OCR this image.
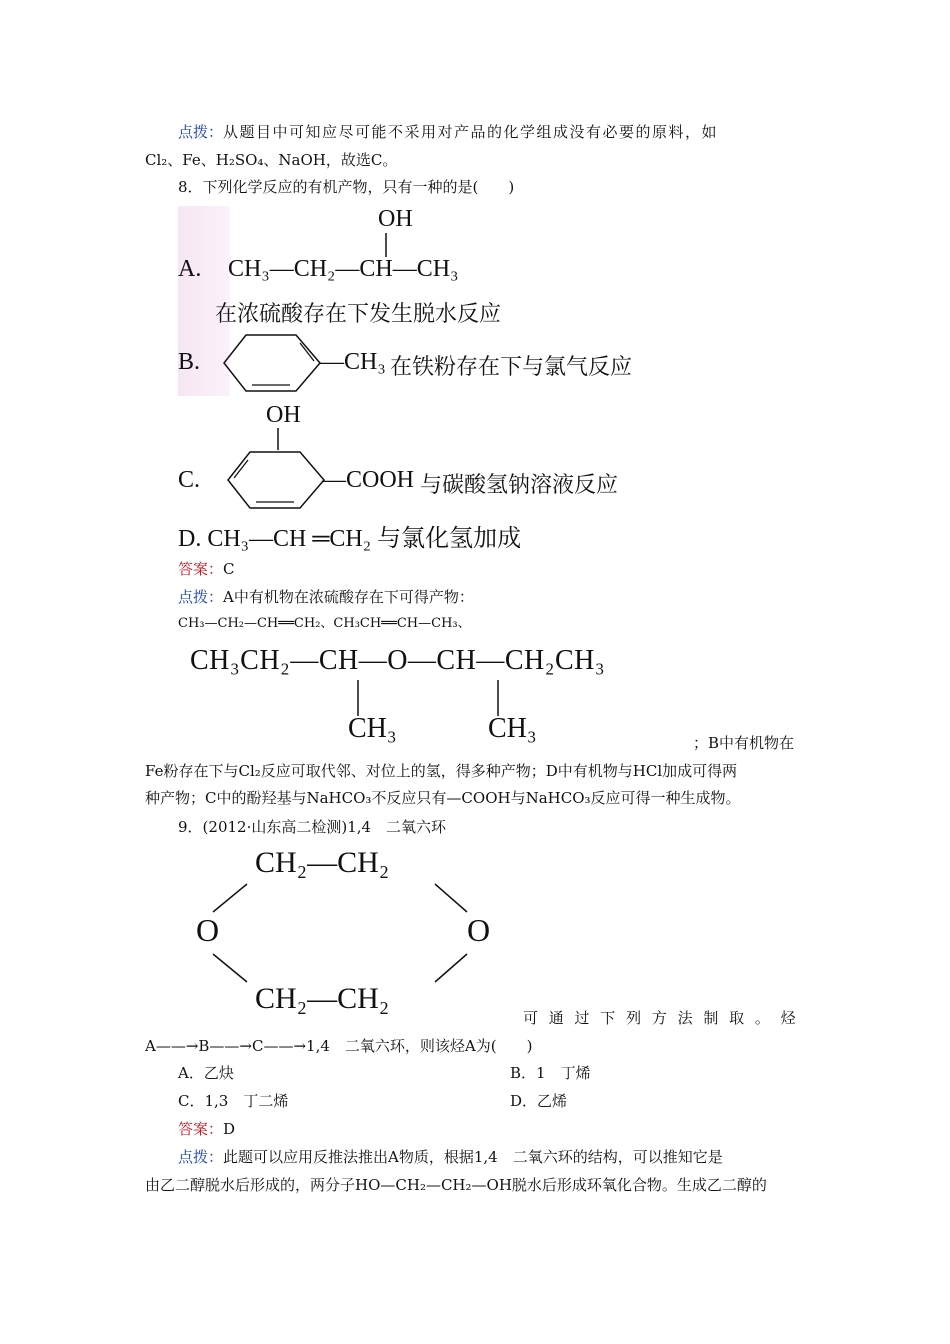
点拨：从题目中可知应尽可能不采用对产品的化学组成没有必要的原料，如
Cl₂、Fe、H₂SO₄、NaOH，故选C。
8．下列化学反应的有机产物，只有一种的是(　　)
OH
A. CH₃—CH₂—CH—CH₃
在浓硫酸存在下发生脱水反应
B.	—CH₃ 在铁粉存在下与氯气反应
OH
C.	—COOH 与碳酸氢钠溶液反应
D. CH₃—CH ═CH₂ 与氯化氢加成
答案：C
点拨：A中有机物在浓硫酸存在下可得产物：
CH₃—CH₂—CH══CH₂、CH₃CH══CH—CH₃、
CH₃CH₂—CH—O—CH—CH₂CH₃
CH₃	CH₃	；B中有机物在
Fe粉存在下与Cl₂反应可取代邻、对位上的氢，得多种产物；D中有机物与HCl加成可得两
种产物；C中的酚羟基与NaHCO₃不反应只有—COOH与NaHCO₃反应可得一种生成物。
9．(2012·山东高二检测)1,4　二氧六环
CH₂—CH₂
O	O
CH₂—CH₂
可 通 过 下 列 方 法 制 取 。 烃
A——→B——→C——→1,4　二氧六环，则该烃A为(　　)
A．乙炔	B．1　丁烯
C．1,3　丁二烯	D．乙烯
答案：D
点拨：此题可以应用反推法推出A物质，根据1,4　二氧六环的结构，可以推知它是
由乙二醇脱水后形成的，两分子HO—CH₂—CH₂—OH脱水后形成环氧化合物。生成乙二醇的
